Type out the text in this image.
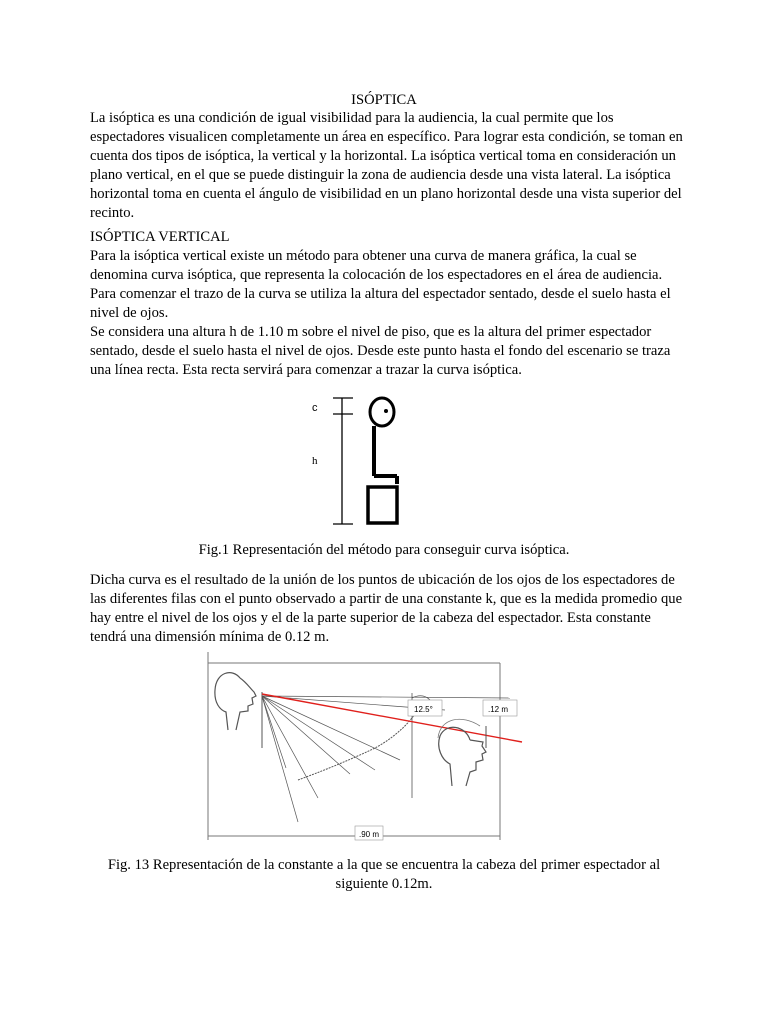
ISÓPTICA

La isóptica es una condición de igual visibilidad para la audiencia, la cual permite que los espectadores visualicen completamente un área en específico. Para lograr esta condición, se toman en cuenta dos tipos de isóptica, la vertical y la horizontal. La isóptica vertical toma en consideración un plano vertical, en el que se puede distinguir la zona de audiencia desde una vista lateral. La isóptica horizontal toma en cuenta el ángulo de visibilidad en un plano horizontal desde una vista superior del recinto.

ISÓPTICA VERTICAL

Para la isóptica vertical existe un método para obtener una curva de manera gráfica, la cual se denomina curva isóptica, que representa la colocación de los espectadores en el área de audiencia. Para comenzar el trazo de la curva se utiliza la altura del espectador sentado, desde el suelo hasta el nivel de ojos.

Se considera una altura h de 1.10 m sobre el nivel de piso, que es la altura del primer espectador sentado, desde el suelo hasta el nivel de ojos. Desde este punto hasta el fondo del escenario se traza una línea recta. Esta recta servirá para comenzar a trazar la curva isóptica.

c
h

Fig.1 Representación del método para conseguir curva isóptica.

Dicha curva es el resultado de la unión de los puntos de ubicación de los ojos de los espectadores de las diferentes filas con el punto observado a partir de una constante k, que es la medida promedio que hay entre el nivel de los ojos y el de la parte superior de la cabeza del espectador. Esta constante tendrá una dimensión mínima de 0.12 m.

12.5°	.12 m
.90 m

Fig. 13 Representación de la constante a la que se encuentra la cabeza del primer espectador al siguiente 0.12m.
